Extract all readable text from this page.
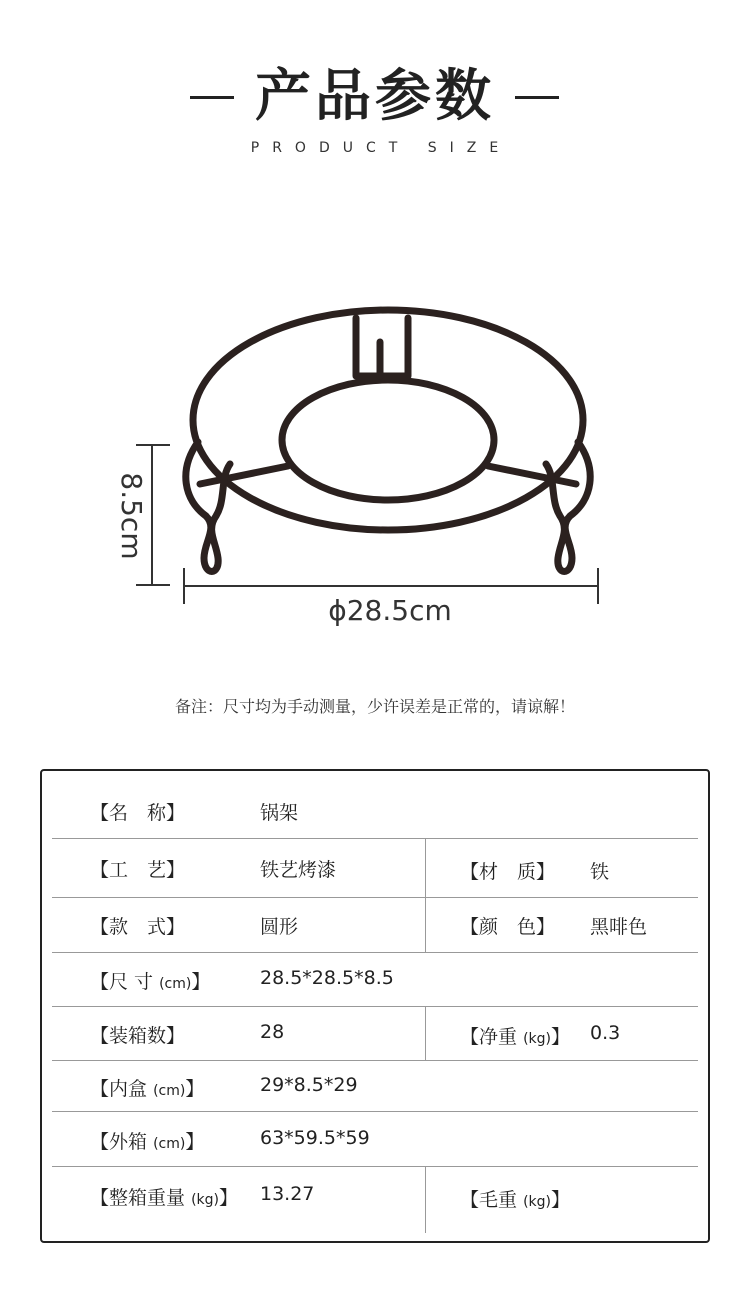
产品参数
PRODUCT SIZE
8.5cm
ϕ28.5cm
备注：尺寸均为手动测量，少许误差是正常的，请谅解！
【名　称】	锅架
【工　艺】	铁艺烤漆	【材　质】 铁
【款　式】	圆形	【颜　色】 黑啡色
【尺 寸 (cm)】	28.5*28.5*8.5
【装箱数】	28	【净重 (kg)】 0.3
【内盒 (cm)】	29*8.5*29
【外箱 (cm)】	63*59.5*59
【整箱重量 (kg)】 13.27	【毛重 (kg)】
